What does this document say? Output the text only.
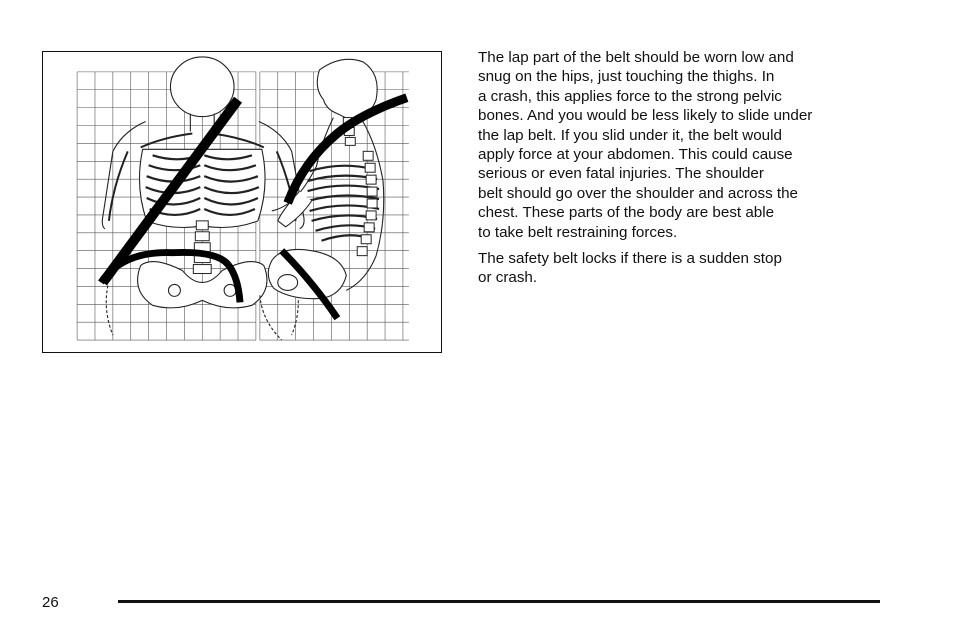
The lap part of the belt should be worn low and
snug on the hips, just touching the thighs. In
a crash, this applies force to the strong pelvic
bones. And you would be less likely to slide under
the lap belt. If you slid under it, the belt would
apply force at your abdomen. This could cause
serious or even fatal injuries. The shoulder
belt should go over the shoulder and across the
chest. These parts of the body are best able
to take belt restraining forces.

The safety belt locks if there is a sudden stop
or crash.

26
